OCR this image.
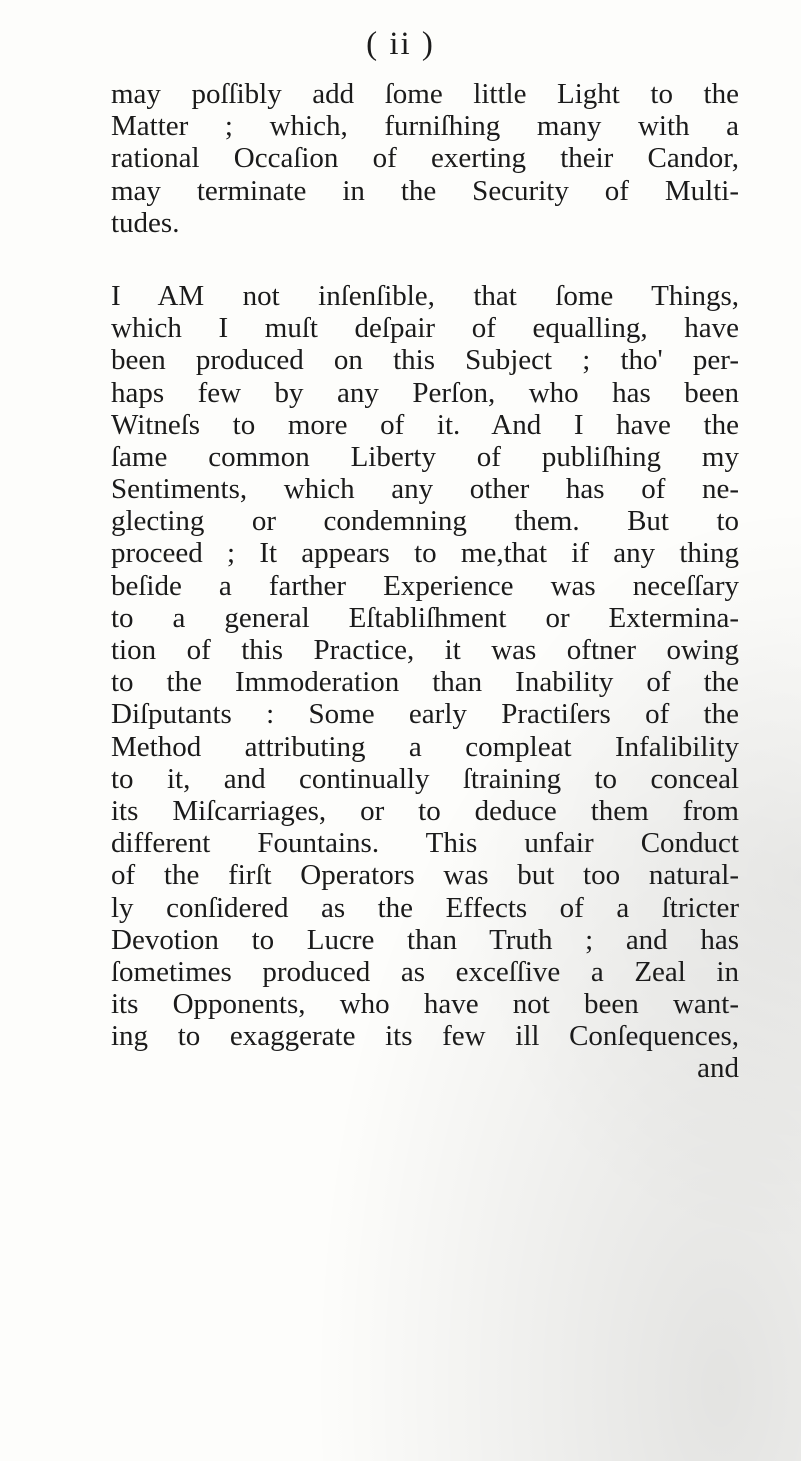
( ii )
may poſſibly add ſome little Light to the
Matter ; which, furniſhing many with a
rational Occaſion of exerting their Candor,
may terminate in the Security of Multi-
tudes.
I AM not inſenſible, that ſome Things,
which I muſt deſpair of equalling, have
been produced on this Subject ; tho' per-
haps few by any Perſon, who has been
Witneſs to more of it. And I have the
ſame common Liberty of publiſhing my
Sentiments, which any other has of ne-
glecting or condemning them. But to
proceed ; It appears to me,that if any thing
beſide a farther Experience was neceſſary
to a general Eſtabliſhment or Extermina-
tion of this Practice, it was oftner owing
to the Immoderation than Inability of the
Diſputants : Some early Practiſers of the
Method attributing a compleat Infalibility
to it, and continually ſtraining to conceal
its Miſcarriages, or to deduce them from
different Fountains. This unfair Conduct
of the firſt Operators was but too natural-
ly conſidered as the Effects of a ſtricter
Devotion to Lucre than Truth ; and has
ſometimes produced as exceſſive a Zeal in
its Opponents, who have not been want-
ing to exaggerate its few ill Conſequences,
and
